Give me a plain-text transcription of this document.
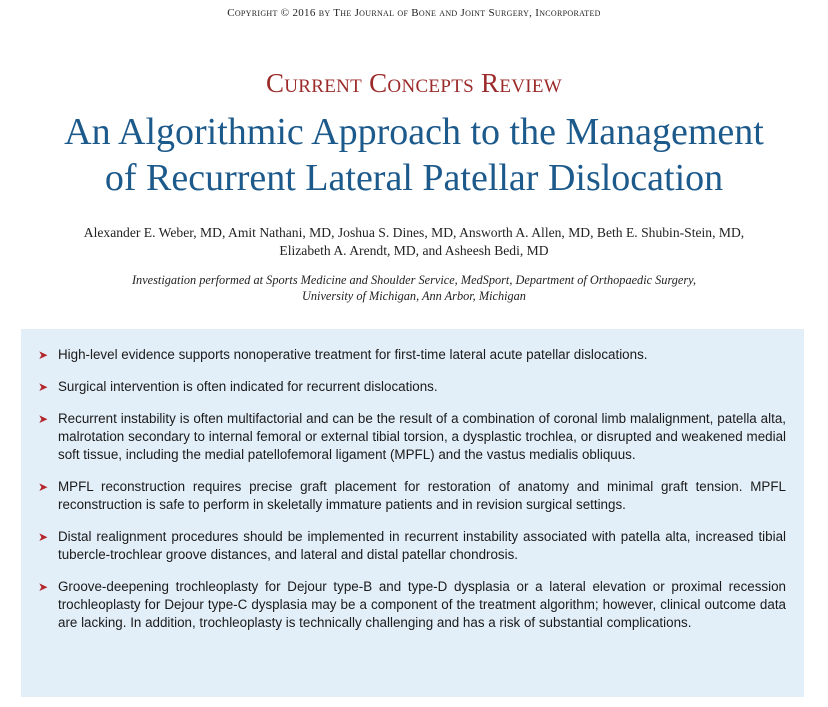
Copyright © 2016 by The Journal of Bone and Joint Surgery, Incorporated
Current Concepts Review
An Algorithmic Approach to the Management
of Recurrent Lateral Patellar Dislocation
Alexander E. Weber, MD, Amit Nathani, MD, Joshua S. Dines, MD, Answorth A. Allen, MD, Beth E. Shubin-Stein, MD,
Elizabeth A. Arendt, MD, and Asheesh Bedi, MD
Investigation performed at Sports Medicine and Shoulder Service, MedSport, Department of Orthopaedic Surgery,
University of Michigan, Ann Arbor, Michigan
➤ High-level evidence supports nonoperative treatment for first-time lateral acute patellar dislocations.
➤ Surgical intervention is often indicated for recurrent dislocations.
➤ Recurrent instability is often multifactorial and can be the result of a combination of coronal limb malalignment, patella alta, malrotation secondary to internal femoral or external tibial torsion, a dysplastic trochlea, or disrupted and weakened medial soft tissue, including the medial patellofemoral ligament (MPFL) and the vastus medialis obliquus.
➤ MPFL reconstruction requires precise graft placement for restoration of anatomy and minimal graft tension. MPFL reconstruction is safe to perform in skeletally immature patients and in revision surgical settings.
➤ Distal realignment procedures should be implemented in recurrent instability associated with patella alta, increased tibial tubercle-trochlear groove distances, and lateral and distal patellar chondrosis.
➤ Groove-deepening trochleoplasty for Dejour type-B and type-D dysplasia or a lateral elevation or proximal recession trochleoplasty for Dejour type-C dysplasia may be a component of the treatment algorithm; however, clinical outcome data are lacking. In addition, trochleoplasty is technically challenging and has a risk of substantial complications.
